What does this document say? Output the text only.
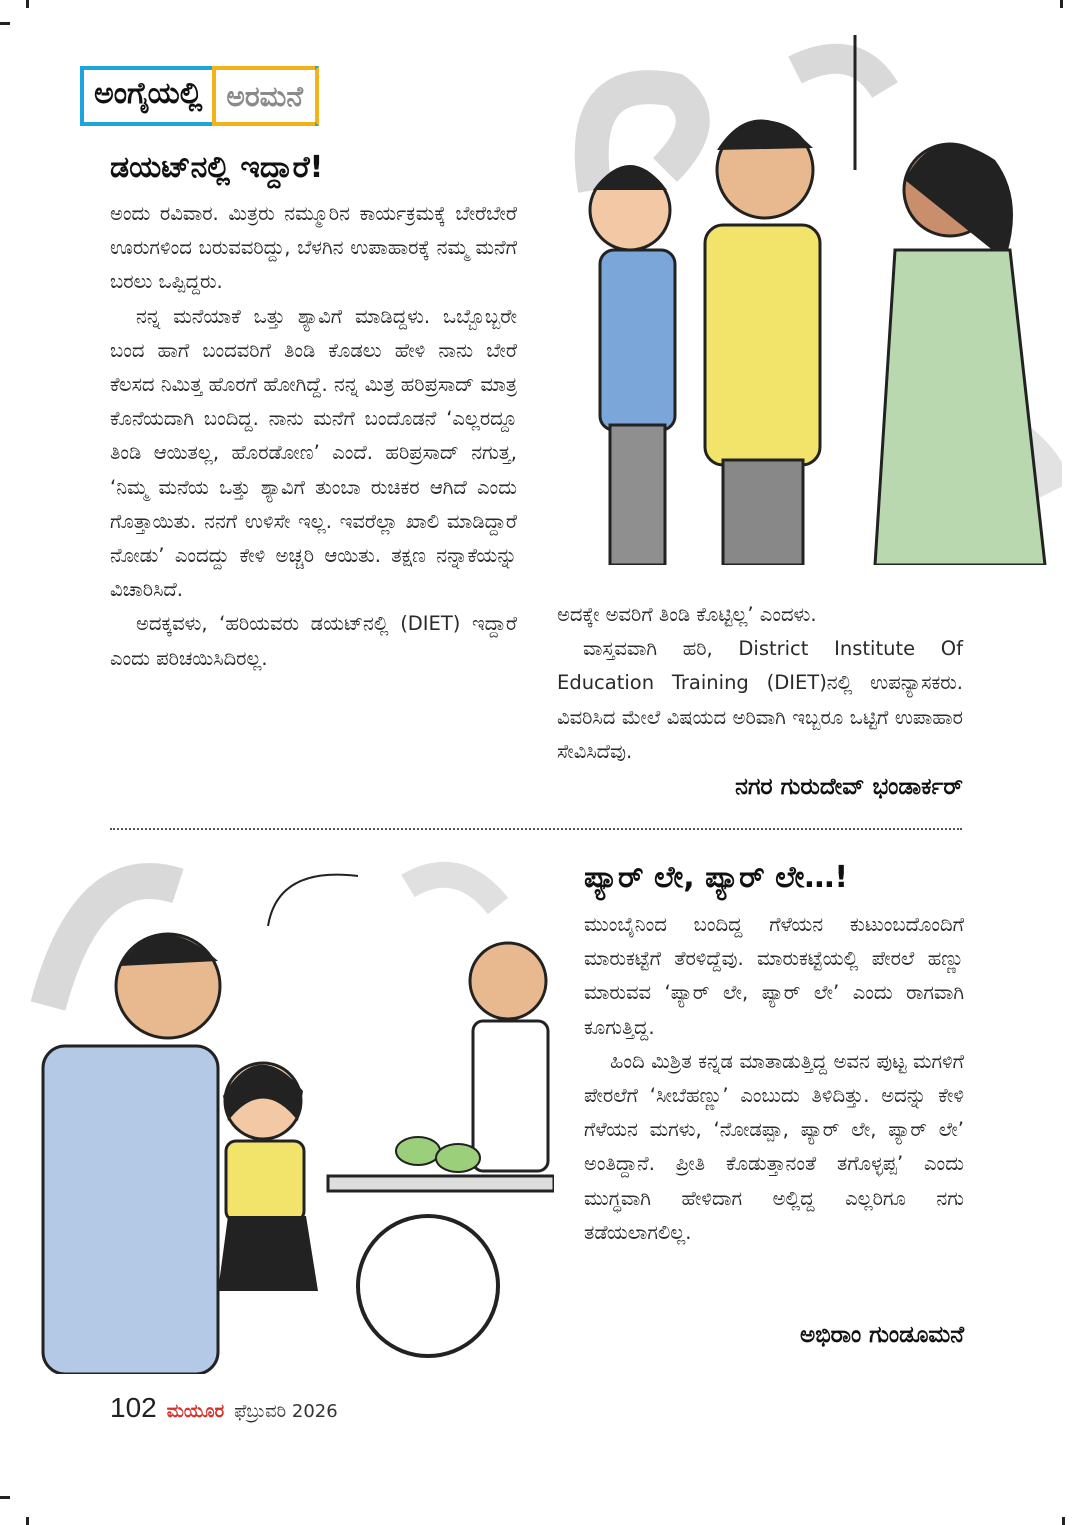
ಅಂಗೈಯಲ್ಲಿ ಅರಮನೆ
ಡಯಟ್‌ನಲ್ಲಿ ಇದ್ದಾರೆ!

ಅಂದು ರವಿವಾರ. ಮಿತ್ರರು ನಮ್ಮೂರಿನ ಕಾರ್ಯಕ್ರಮಕ್ಕೆ ಬೇರೆಬೇರೆ ಊರುಗಳಿಂದ ಬರುವವರಿದ್ದು, ಬೆಳಗಿನ ಉಪಾಹಾರಕ್ಕೆ ನಮ್ಮ ಮನೆಗೆ ಬರಲು ಒಪ್ಪಿದ್ದರು.

ನನ್ನ ಮನೆಯಾಕೆ ಒತ್ತು ಶ್ಯಾವಿಗೆ ಮಾಡಿದ್ದಳು. ಒಬ್ಬೊಬ್ಬರೇ ಬಂದ ಹಾಗೆ ಬಂದವರಿಗೆ ತಿಂಡಿ ಕೊಡಲು ಹೇಳಿ ನಾನು ಬೇರೆ ಕೆಲಸದ ನಿಮಿತ್ತ ಹೊರಗೆ ಹೋಗಿದ್ದೆ. ನನ್ನ ಮಿತ್ರ ಹರಿಪ್ರಸಾದ್ ಮಾತ್ರ ಕೊನೆಯದಾಗಿ ಬಂದಿದ್ದ. ನಾನು ಮನೆಗೆ ಬಂದೊಡನೆ ‘ಎಲ್ಲರದ್ದೂ ತಿಂಡಿ ಆಯಿತಲ್ಲ, ಹೊರಡೋಣ’ ಎಂದೆ. ಹರಿಪ್ರಸಾದ್ ನಗುತ್ತ, ‘ನಿಮ್ಮ ಮನೆಯ ಒತ್ತು ಶ್ಯಾವಿಗೆ ತುಂಬಾ ರುಚಿಕರ ಆಗಿದೆ ಎಂದು ಗೊತ್ತಾಯಿತು. ನನಗೆ ಉಳಿಸೇ ಇಲ್ಲ. ಇವರೆಲ್ಲಾ ಖಾಲಿ ಮಾಡಿದ್ದಾರೆ ನೋಡು’ ಎಂದದ್ದು ಕೇಳಿ ಅಚ್ಚರಿ ಆಯಿತು. ತಕ್ಷಣ ನನ್ನಾಕೆಯನ್ನು ವಿಚಾರಿಸಿದೆ.

ಅದಕ್ಕವಳು, ‘ಹರಿಯವರು ಡಯಟ್‌ನಲ್ಲಿ (DIET) ಇದ್ದಾರೆ ಎಂದು ಪರಿಚಯಿಸಿದಿರಲ್ಲ.

ಅದಕ್ಕೇ ಅವರಿಗೆ ತಿಂಡಿ ಕೊಟ್ಟಿಲ್ಲ’ ಎಂದಳು.

ವಾಸ್ತವವಾಗಿ ಹರಿ, District Institute Of Education Training (DIET)ನಲ್ಲಿ ಉಪನ್ಯಾಸಕರು. ವಿವರಿಸಿದ ಮೇಲೆ ವಿಷಯದ ಅರಿವಾಗಿ ಇಬ್ಬರೂ ಒಟ್ಟಿಗೆ ಉಪಾಹಾರ ಸೇವಿಸಿದೆವು.

ನಗರ ಗುರುದೇವ್ ಭಂಡಾರ್ಕರ್
ಪ್ಯಾರ್ ಲೇ, ಪ್ಯಾರ್ ಲೇ…!

ಮುಂಬೈನಿಂದ ಬಂದಿದ್ದ ಗೆಳೆಯನ ಕುಟುಂಬದೊಂದಿಗೆ ಮಾರುಕಟ್ಟೆಗೆ ತೆರಳಿದ್ದೆವು. ಮಾರುಕಟ್ಟೆಯಲ್ಲಿ ಪೇರಲೆ ಹಣ್ಣು ಮಾರುವವ ‘ಪ್ಯಾರ್ ಲೇ, ಪ್ಯಾರ್ ಲೇ’ ಎಂದು ರಾಗವಾಗಿ ಕೂಗುತ್ತಿದ್ದ.

ಹಿಂದಿ ಮಿಶ್ರಿತ ಕನ್ನಡ ಮಾತಾಡುತ್ತಿದ್ದ ಅವನ ಪುಟ್ಟ ಮಗಳಿಗೆ ಪೇರಲೆಗೆ ‘ಸೀಬೆಹಣ್ಣು’ ಎಂಬುದು ತಿಳಿದಿತ್ತು. ಅದನ್ನು ಕೇಳಿ ಗೆಳೆಯನ ಮಗಳು, ‘ನೋಡಪ್ಪಾ, ಪ್ಯಾರ್ ಲೇ, ಪ್ಯಾರ್ ಲೇ’ ಅಂತಿದ್ದಾನೆ. ಪ್ರೀತಿ ಕೊಡುತ್ತಾನಂತೆ ತಗೊಳ್ಳಪ್ಪ’ ಎಂದು ಮುಗ್ಧವಾಗಿ ಹೇಳಿದಾಗ ಅಲ್ಲಿದ್ದ ಎಲ್ಲರಿಗೂ ನಗು ತಡೆಯಲಾಗಲಿಲ್ಲ.

ಅಭಿರಾಂ ಗುಂಡೂಮನೆ
102 ಮಯೂರ ಫೆಬ್ರುವರಿ 2026
